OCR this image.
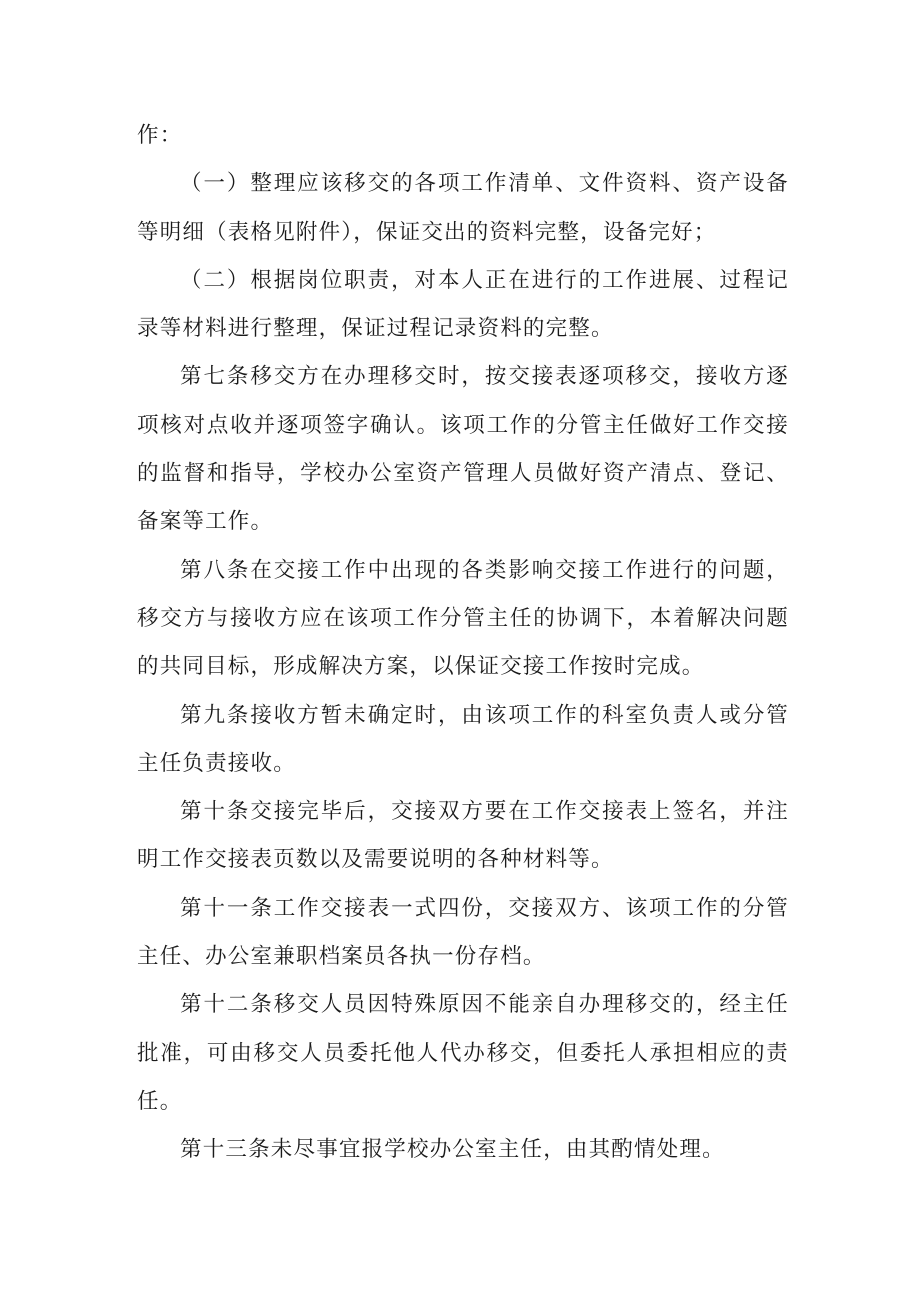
作：

（一）整理应该移交的各项工作清单、文件资料、资产设备等明细（表格见附件），保证交出的资料完整，设备完好；

（二）根据岗位职责，对本人正在进行的工作进展、过程记录等材料进行整理，保证过程记录资料的完整。

第七条移交方在办理移交时，按交接表逐项移交，接收方逐项核对点收并逐项签字确认。该项工作的分管主任做好工作交接的监督和指导，学校办公室资产管理人员做好资产清点、登记、备案等工作。

第八条在交接工作中出现的各类影响交接工作进行的问题，移交方与接收方应在该项工作分管主任的协调下，本着解决问题的共同目标，形成解决方案，以保证交接工作按时完成。

第九条接收方暂未确定时，由该项工作的科室负责人或分管主任负责接收。

第十条交接完毕后，交接双方要在工作交接表上签名，并注明工作交接表页数以及需要说明的各种材料等。

第十一条工作交接表一式四份，交接双方、该项工作的分管主任、办公室兼职档案员各执一份存档。

第十二条移交人员因特殊原因不能亲自办理移交的，经主任批准，可由移交人员委托他人代办移交，但委托人承担相应的责任。

第十三条未尽事宜报学校办公室主任，由其酌情处理。
